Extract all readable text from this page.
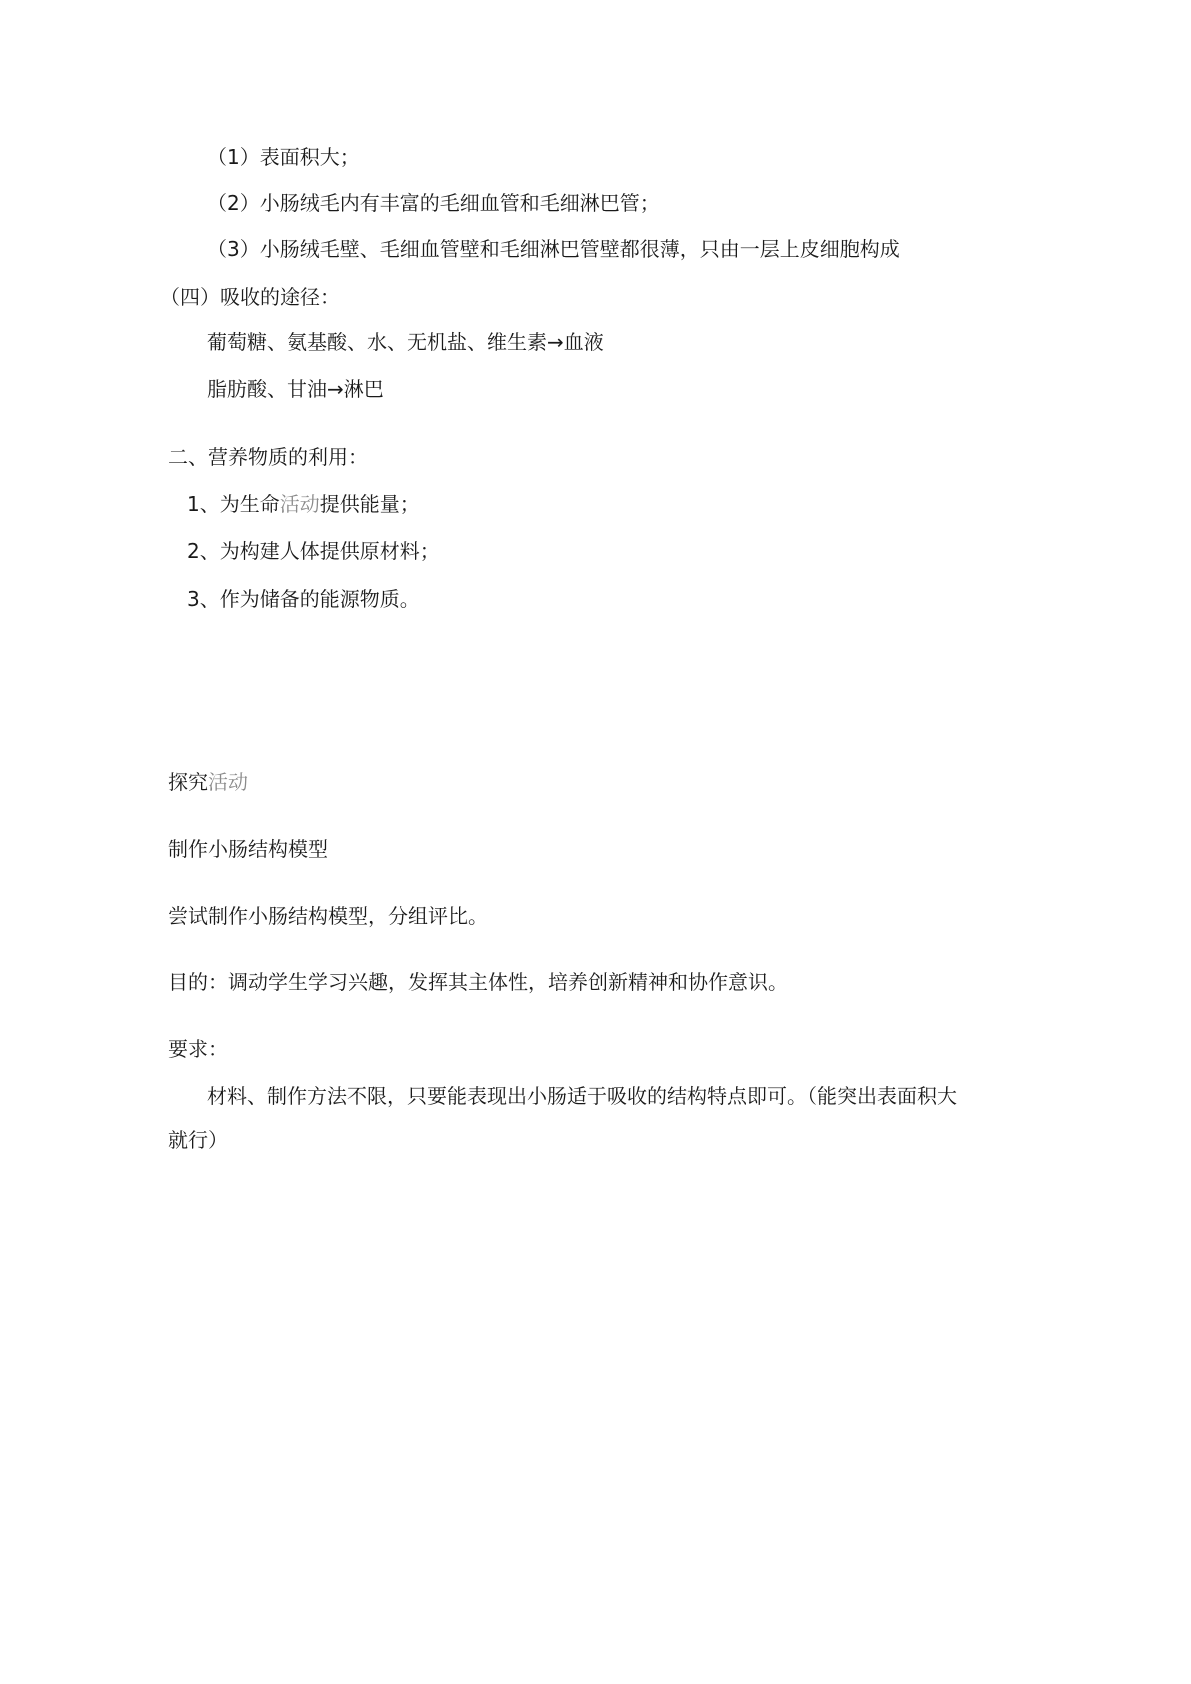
（1）表面积大；
（2）小肠绒毛内有丰富的毛细血管和毛细淋巴管；
（3）小肠绒毛壁、毛细血管壁和毛细淋巴管壁都很薄，只由一层上皮细胞构成
（四）吸收的途径：
葡萄糖、氨基酸、水、无机盐、维生素→血液
脂肪酸、甘油→淋巴
二、营养物质的利用：
1、为生命活动提供能量；
2、为构建人体提供原材料；
3、作为储备的能源物质。
探究活动
制作小肠结构模型
尝试制作小肠结构模型，分组评比。
目的：调动学生学习兴趣，发挥其主体性，培养创新精神和协作意识。
要求：
材料、制作方法不限，只要能表现出小肠适于吸收的结构特点即可。（能突出表面积大
就行）
